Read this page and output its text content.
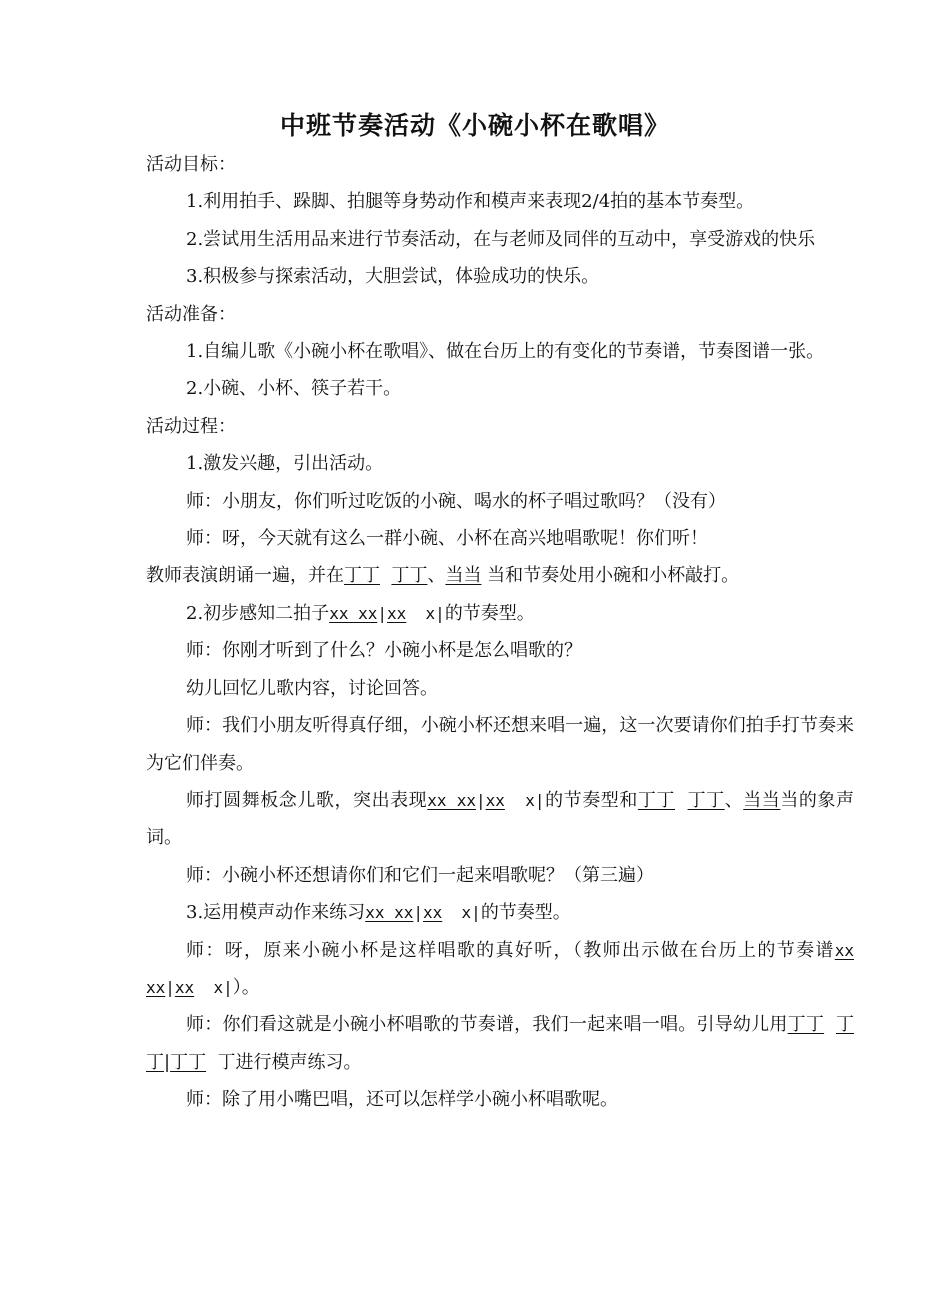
中班节奏活动《小碗小杯在歌唱》

活动目标：

1.利用拍手、跺脚、拍腿等身势动作和模声来表现2/4拍的基本节奏型。

2.尝试用生活用品来进行节奏活动，在与老师及同伴的互动中，享受游戏的快乐

3.积极参与探索活动，大胆尝试，体验成功的快乐。

活动准备：

1.自编儿歌《小碗小杯在歌唱》、做在台历上的有变化的节奏谱，节奏图谱一张。

2.小碗、小杯、筷子若干。

活动过程：

1.激发兴趣，引出活动。

师：小朋友，你们听过吃饭的小碗、喝水的杯子唱过歌吗？（没有）

师：呀，今天就有这么一群小碗、小杯在高兴地唱歌呢！你们听！

教师表演朗诵一遍，并在丁丁 丁丁、当当 当和节奏处用小碗和小杯敲打。

2.初步感知二拍子xx xx|xx  x|的节奏型。

师：你刚才听到了什么？小碗小杯是怎么唱歌的？

幼儿回忆儿歌内容，讨论回答。

师：我们小朋友听得真仔细，小碗小杯还想来唱一遍，这一次要请你们拍手打节奏来为它们伴奏。

师打圆舞板念儿歌，突出表现xx xx|xx  x|的节奏型和丁丁 丁丁、当当当的象声词。

师：小碗小杯还想请你们和它们一起来唱歌呢？（第三遍）

3.运用模声动作来练习xx xx|xx  x|的节奏型。

师：呀，原来小碗小杯是这样唱歌的真好听，（教师出示做在台历上的节奏谱xx xx|xx  x|）。

师：你们看这就是小碗小杯唱歌的节奏谱，我们一起来唱一唱。引导幼儿用丁丁 丁丁|丁丁  丁进行模声练习。

师：除了用小嘴巴唱，还可以怎样学小碗小杯唱歌呢。
